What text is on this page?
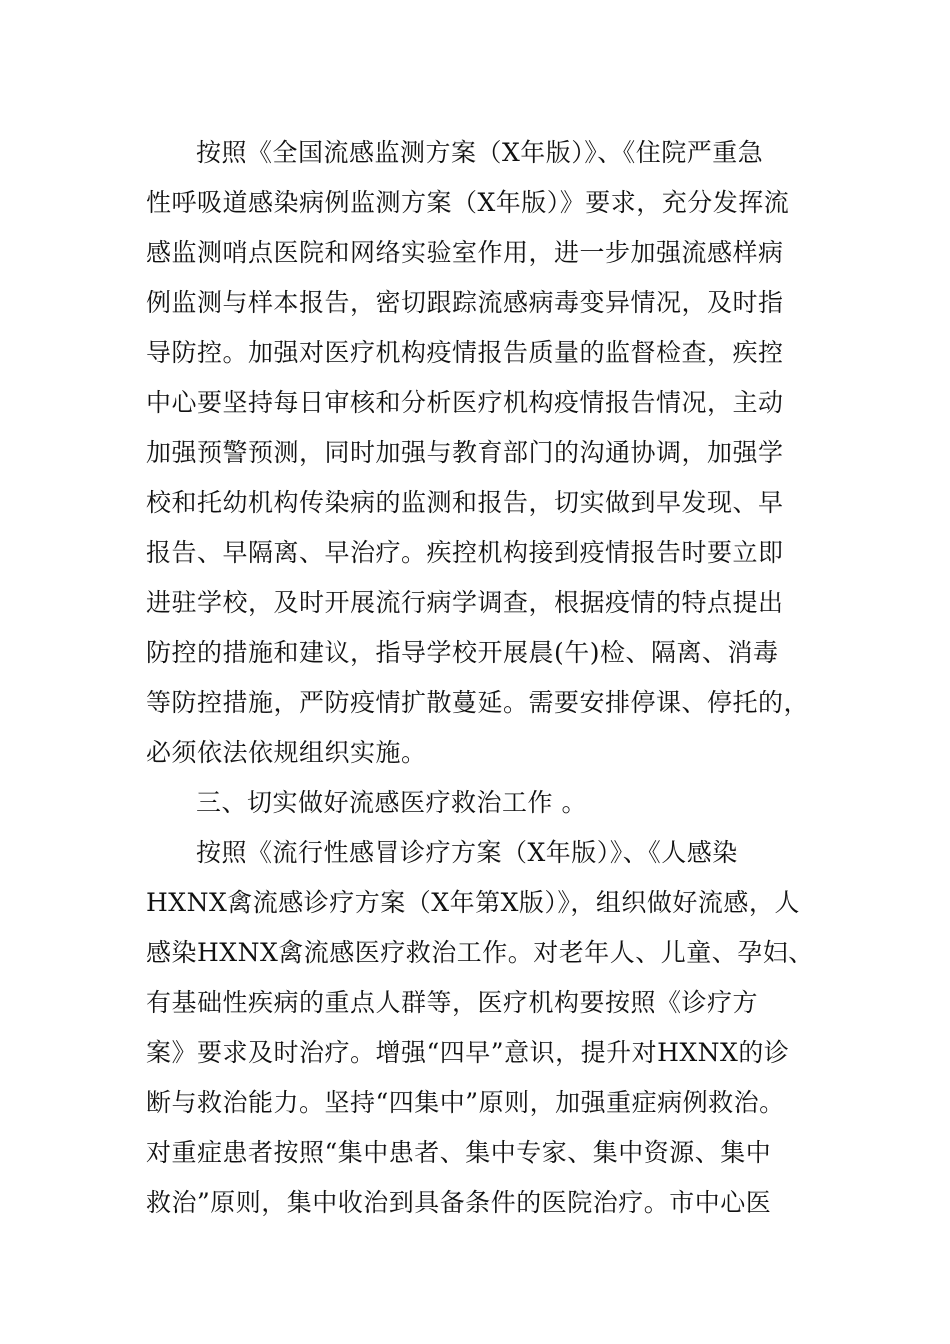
按照《全国流感监测方案（X年版）》、《住院严重急
性呼吸道感染病例监测方案（X年版）》要求，充分发挥流
感监测哨点医院和网络实验室作用，进一步加强流感样病
例监测与样本报告，密切跟踪流感病毒变异情况，及时指
导防控。加强对医疗机构疫情报告质量的监督检查，疾控
中心要坚持每日审核和分析医疗机构疫情报告情况，主动
加强预警预测，同时加强与教育部门的沟通协调，加强学
校和托幼机构传染病的监测和报告，切实做到早发现、早
报告、早隔离、早治疗。疾控机构接到疫情报告时要立即
进驻学校，及时开展流行病学调查，根据疫情的特点提出
防控的措施和建议，指导学校开展晨(午)检、隔离、消毒
等防控措施，严防疫情扩散蔓延。需要安排停课、停托的，
必须依法依规组织实施。
三、切实做好流感医疗救治工作 。
按照《流行性感冒诊疗方案（X年版）》、《人感染
HXNX禽流感诊疗方案（X年第X版）》，组织做好流感，人
感染HXNX禽流感医疗救治工作。对老年人、儿童、孕妇、
有基础性疾病的重点人群等，医疗机构要按照《诊疗方
案》要求及时治疗。增强“四早”意识，提升对HXNX的诊
断与救治能力。坚持“四集中”原则，加强重症病例救治。
对重症患者按照“集中患者、集中专家、集中资源、集中
救治”原则，集中收治到具备条件的医院治疗。市中心医
